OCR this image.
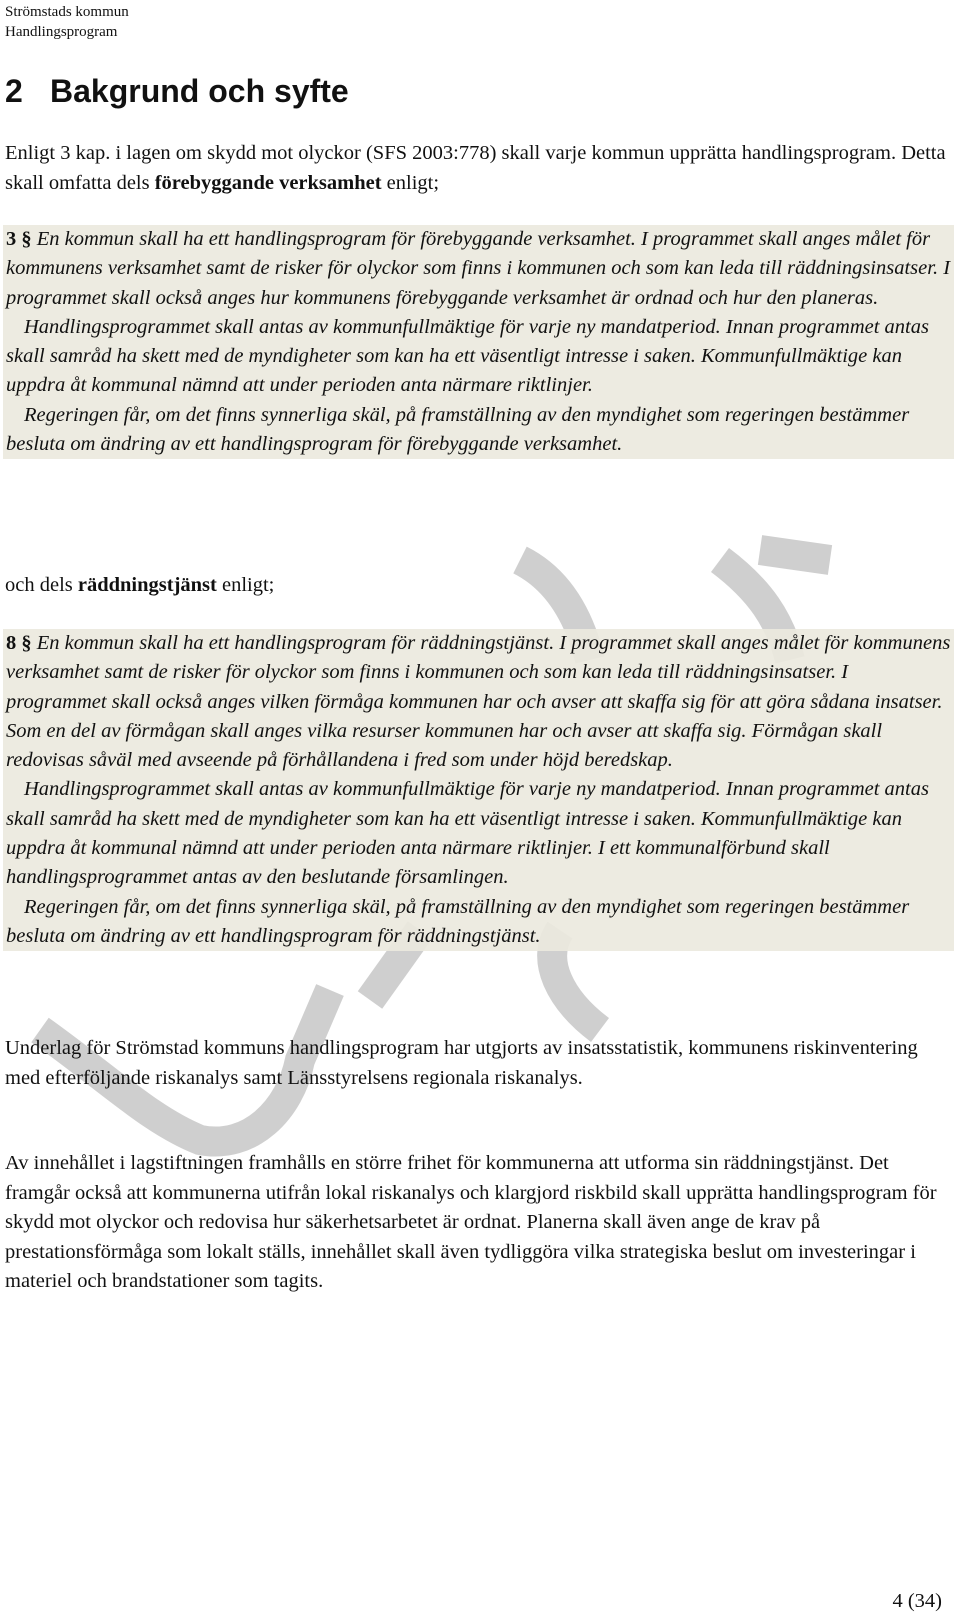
Strömstads kommun
Handlingsprogram
2 Bakgrund och syfte

Enligt 3 kap. i lagen om skydd mot olyckor (SFS 2003:778) skall varje kommun upprätta handlingsprogram. Detta skall omfatta dels förebyggande verksamhet enligt;

3 § En kommun skall ha ett handlingsprogram för förebyggande verksamhet. I programmet skall anges målet för kommunens verksamhet samt de risker för olyckor som finns i kommunen och som kan leda till räddningsinsatser. I programmet skall också anges hur kommunens förebyggande verksamhet är ordnad och hur den planeras.

Handlingsprogrammet skall antas av kommunfullmäktige för varje ny mandatperiod. Innan programmet antas skall samråd ha skett med de myndigheter som kan ha ett väsentligt intresse i saken. Kommunfullmäktige kan uppdra åt kommunal nämnd att under perioden anta närmare riktlinjer.

Regeringen får, om det finns synnerliga skäl, på framställning av den myndighet som regeringen bestämmer besluta om ändring av ett handlingsprogram för förebyggande verksamhet.

och dels räddningstjänst enligt;

8 § En kommun skall ha ett handlingsprogram för räddningstjänst. I programmet skall anges målet för kommunens verksamhet samt de risker för olyckor som finns i kommunen och som kan leda till räddningsinsatser. I programmet skall också anges vilken förmåga kommunen har och avser att skaffa sig för att göra sådana insatser. Som en del av förmågan skall anges vilka resurser kommunen har och avser att skaffa sig. Förmågan skall redovisas såväl med avseende på förhållandena i fred som under höjd beredskap.

Handlingsprogrammet skall antas av kommunfullmäktige för varje ny mandatperiod. Innan programmet antas skall samråd ha skett med de myndigheter som kan ha ett väsentligt intresse i saken. Kommunfullmäktige kan uppdra åt kommunal nämnd att under perioden anta närmare riktlinjer. I ett kommunalförbund skall handlingsprogrammet antas av den beslutande församlingen.

Regeringen får, om det finns synnerliga skäl, på framställning av den myndighet som regeringen bestämmer besluta om ändring av ett handlingsprogram för räddningstjänst.

Underlag för Strömstad kommuns handlingsprogram har utgjorts av insatsstatistik, kommunens riskinventering med efterföljande riskanalys samt Länsstyrelsens regionala riskanalys.

Av innehållet i lagstiftningen framhålls en större frihet för kommunerna att utforma sin räddningstjänst. Det framgår också att kommunerna utifrån lokal riskanalys och klargjord riskbild skall upprätta handlingsprogram för skydd mot olyckor och redovisa hur säkerhetsarbetet är ordnat. Planerna skall även ange de krav på prestationsförmåga som lokalt ställs, innehållet skall även tydliggöra vilka strategiska beslut om investeringar i materiel och brandstationer som tagits.

4 (34)
